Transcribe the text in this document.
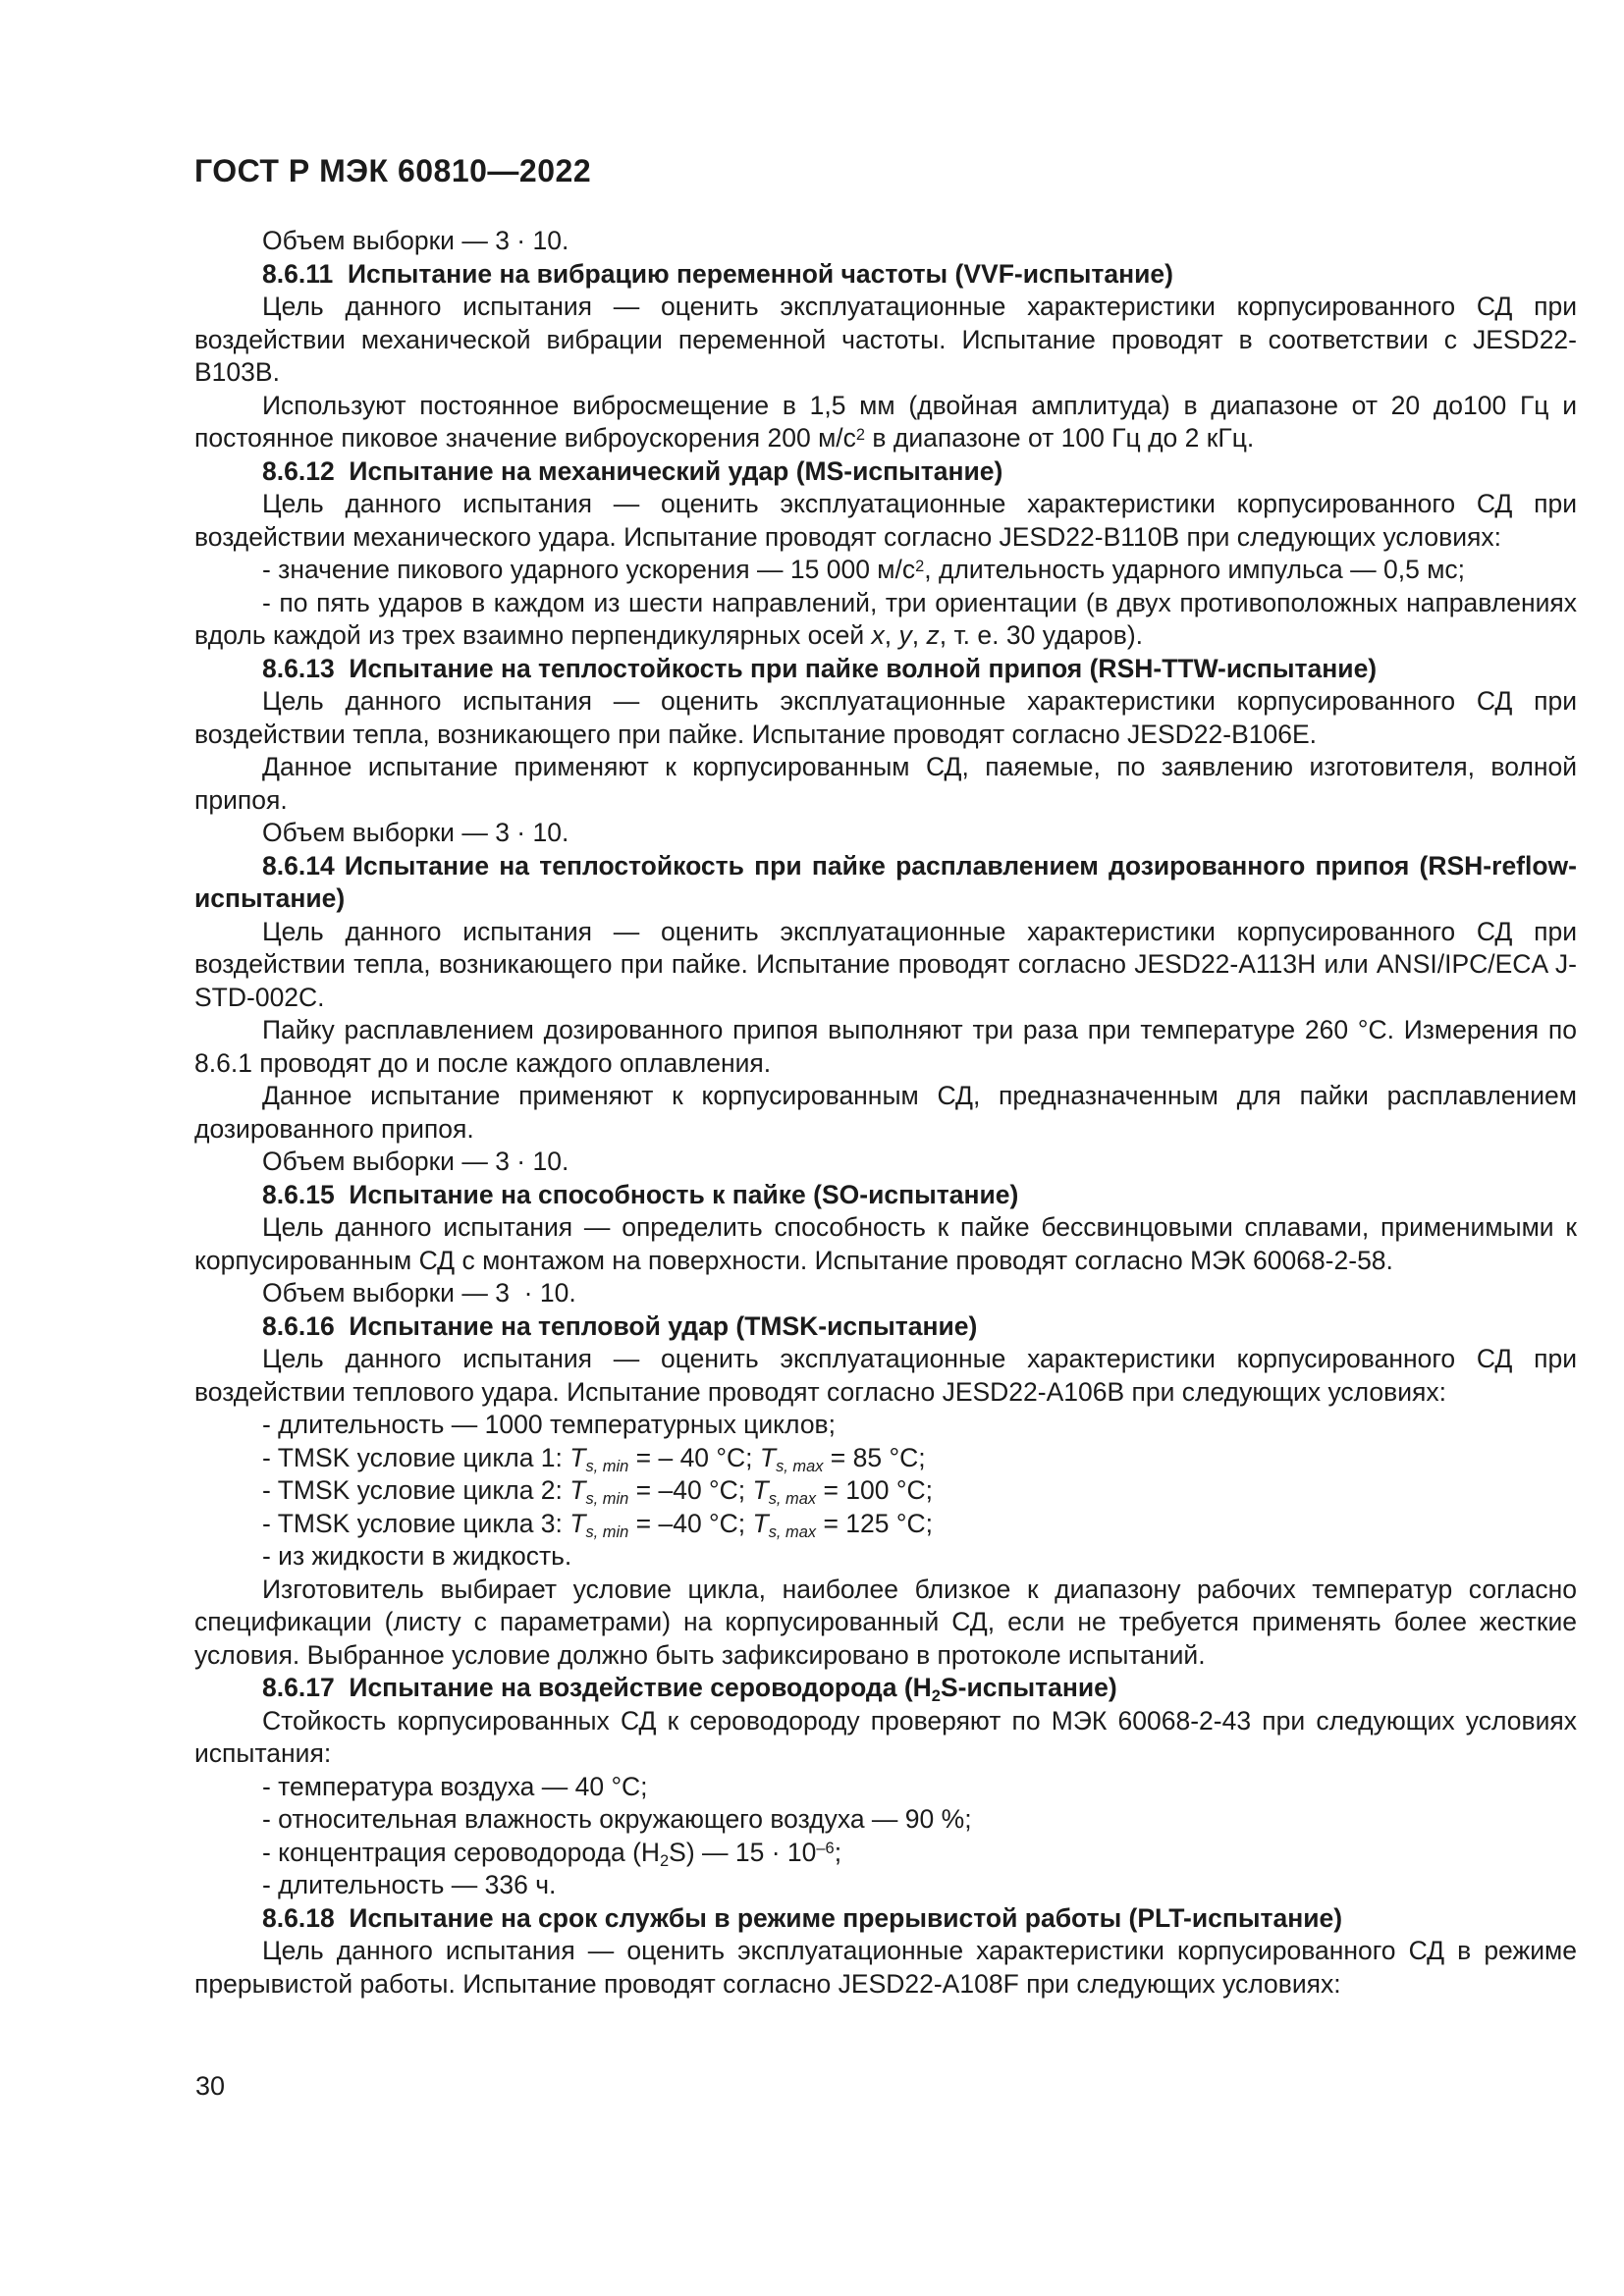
ГОСТ Р МЭК 60810—2022

Объем выборки — 3 · 10.

8.6.11  Испытание на вибрацию переменной частоты (VVF-испытание)

Цель данного испытания — оценить эксплуатационные характеристики корпусированного СД при воздействии механической вибрации переменной частоты. Испытание проводят в соответствии с JESD22-B103B.

Используют постоянное вибросмещение в 1,5 мм (двойная амплитуда) в диапазоне от 20 до100 Гц и постоянное пиковое значение виброускорения 200 $м/с^2$ в диапазоне от 100 Гц до 2 кГц.

8.6.12  Испытание на механический удар (MS-испытание)

Цель данного испытания — оценить эксплуатационные характеристики корпусированного СД при воздействии механического удара. Испытание проводят согласно JESD22-B110B при следующих условиях:

- значение пикового ударного ускорения — 15 000 $м/с^2$, длительность ударного импульса — 0,5 мс;

- по пять ударов в каждом из шести направлений, три ориентации (в двух противоположных направлениях вдоль каждой из трех взаимно перпендикулярных осей x, y, z, т. е. 30 ударов).

8.6.13  Испытание на теплостойкость при пайке волной припоя (RSH-TTW-испытание)

Цель данного испытания — оценить эксплуатационные характеристики корпусированного СД при воздействии тепла, возникающего при пайке. Испытание проводят согласно JESD22-B106E.

Данное испытание применяют к корпусированным СД, паяемые, по заявлению изготовителя, волной припоя.

Объем выборки — 3 · 10.

8.6.14 Испытание на теплостойкость при пайке расплавлением дозированного припоя (RSH-reflow-испытание)

Цель данного испытания — оценить эксплуатационные характеристики корпусированного СД при воздействии тепла, возникающего при пайке. Испытание проводят согласно JESD22-A113H или ANSI/IPC/ECA J-STD-002C.

Пайку расплавлением дозированного припоя выполняют три раза при температуре 260 °C. Измерения по 8.6.1 проводят до и после каждого оплавления.

Данное испытание применяют к корпусированным СД, предназначенным для пайки расплавлением дозированного припоя.

Объем выборки — 3 · 10.

8.6.15  Испытание на способность к пайке (SO-испытание)

Цель данного испытания — определить способность к пайке бессвинцовыми сплавами, применимыми к корпусированным СД с монтажом на поверхности. Испытание проводят согласно МЭК 60068-2-58.

Объем выборки — 3  · 10.

8.6.16  Испытание на тепловой удар (TMSK-испытание)

Цель данного испытания — оценить эксплуатационные характеристики корпусированного СД при воздействии теплового удара. Испытание проводят согласно JESD22-A106B при следующих условиях:

- длительность — 1000 температурных циклов;

- TMSK условие цикла 1: $T_{s, min}$ = – 40 °C; $T_{s, max} = 85$ °C;

- TMSK условие цикла 2: $T_{s, min} = -40$ °C; $T_{s, max} = 100$ °C;

- TMSK условие цикла 3: $T_{s, min} = -40$ °C; $T_{s, max} = 125$ °C;

- из жидкости в жидкость.

Изготовитель выбирает условие цикла, наиболее близкое к диапазону рабочих температур согласно спецификации (листу с параметрами) на корпусированный СД, если не требуется применять более жесткие условия. Выбранное условие должно быть зафиксировано в протоколе испытаний.

8.6.17  Испытание на воздействие сероводорода $(H_2S-испытание)$

Стойкость корпусированных СД к сероводороду проверяют по МЭК 60068-2-43 при следующих условиях испытания:

- температура воздуха — 40 °C;

- относительная влажность окружающего воздуха — 90 %;

- концентрация сероводорода $(H_2S)$ — $15 \cdot 10^{-6}$;

- длительность — 336 ч.

8.6.18  Испытание на срок службы в режиме прерывистой работы (PLT-испытание)

Цель данного испытания — оценить эксплуатационные характеристики корпусированного СД в режиме прерывистой работы. Испытание проводят согласно JESD22-A108F при следующих условиях:

30
